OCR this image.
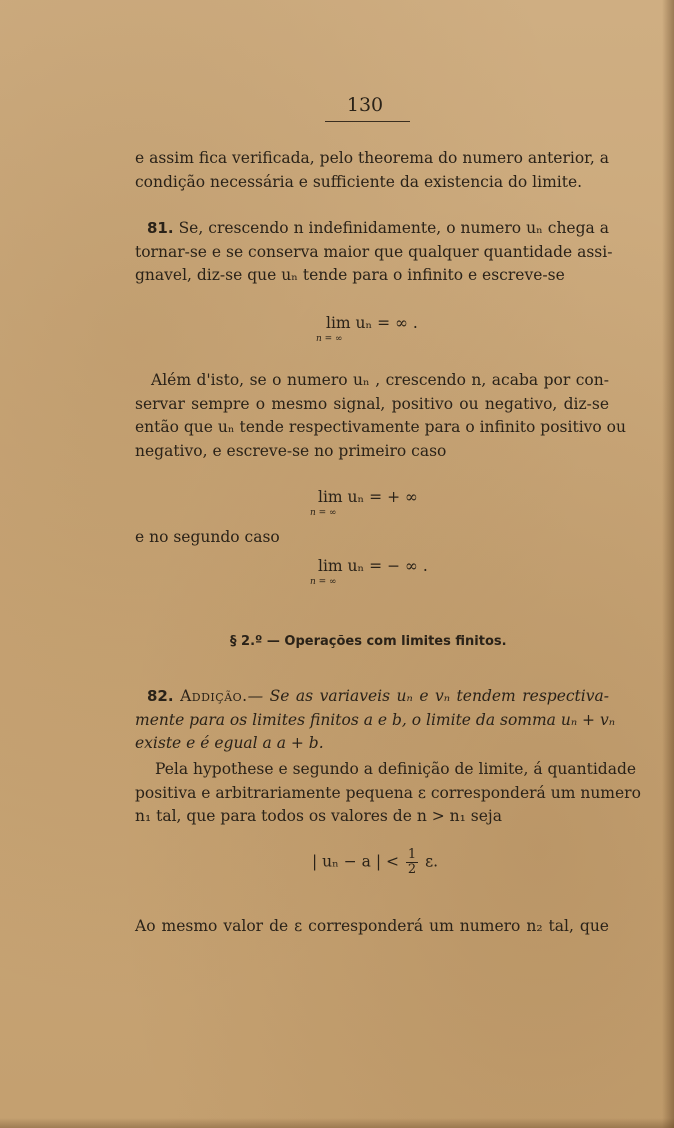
130

e assim fica verificada, pelo theorema do numero anterior, a
condição necessária e sufficiente da existencia do limite.

81. Se, crescendo n indefinidamente, o numero uₙ chega a
tornar-se e se conserva maior que qualquer quantidade assi-
gnavel, diz-se que uₙ tende para o infinito e escreve-se

lim uₙ = ∞ .
n = ∞

Além d'isto, se o numero uₙ , crescendo n, acaba por con-
servar sempre o mesmo signal, positivo ou negativo, diz-se
então que uₙ tende respectivamente para o infinito positivo ou
negativo, e escreve-se no primeiro caso

lim uₙ = + ∞
n = ∞
e no segundo caso
lim uₙ = − ∞ .
n = ∞
§ 2.º — Operações com limites finitos.

82. Addição.— Se as variaveis uₙ e vₙ tendem respectiva-
mente para os limites finitos a e b, o limite da somma uₙ + vₙ
existe e é egual a a + b.

Pela hypothese e segundo a definição de limite, á quantidade
positiva e arbitrariamente pequena ε corresponderá um numero
n₁ tal, que para todos os valores de n > n₁ seja

| uₙ − a | < $\frac{1}{2} \varepsilon$.

Ao mesmo valor de ε corresponderá um numero n₂ tal, que
